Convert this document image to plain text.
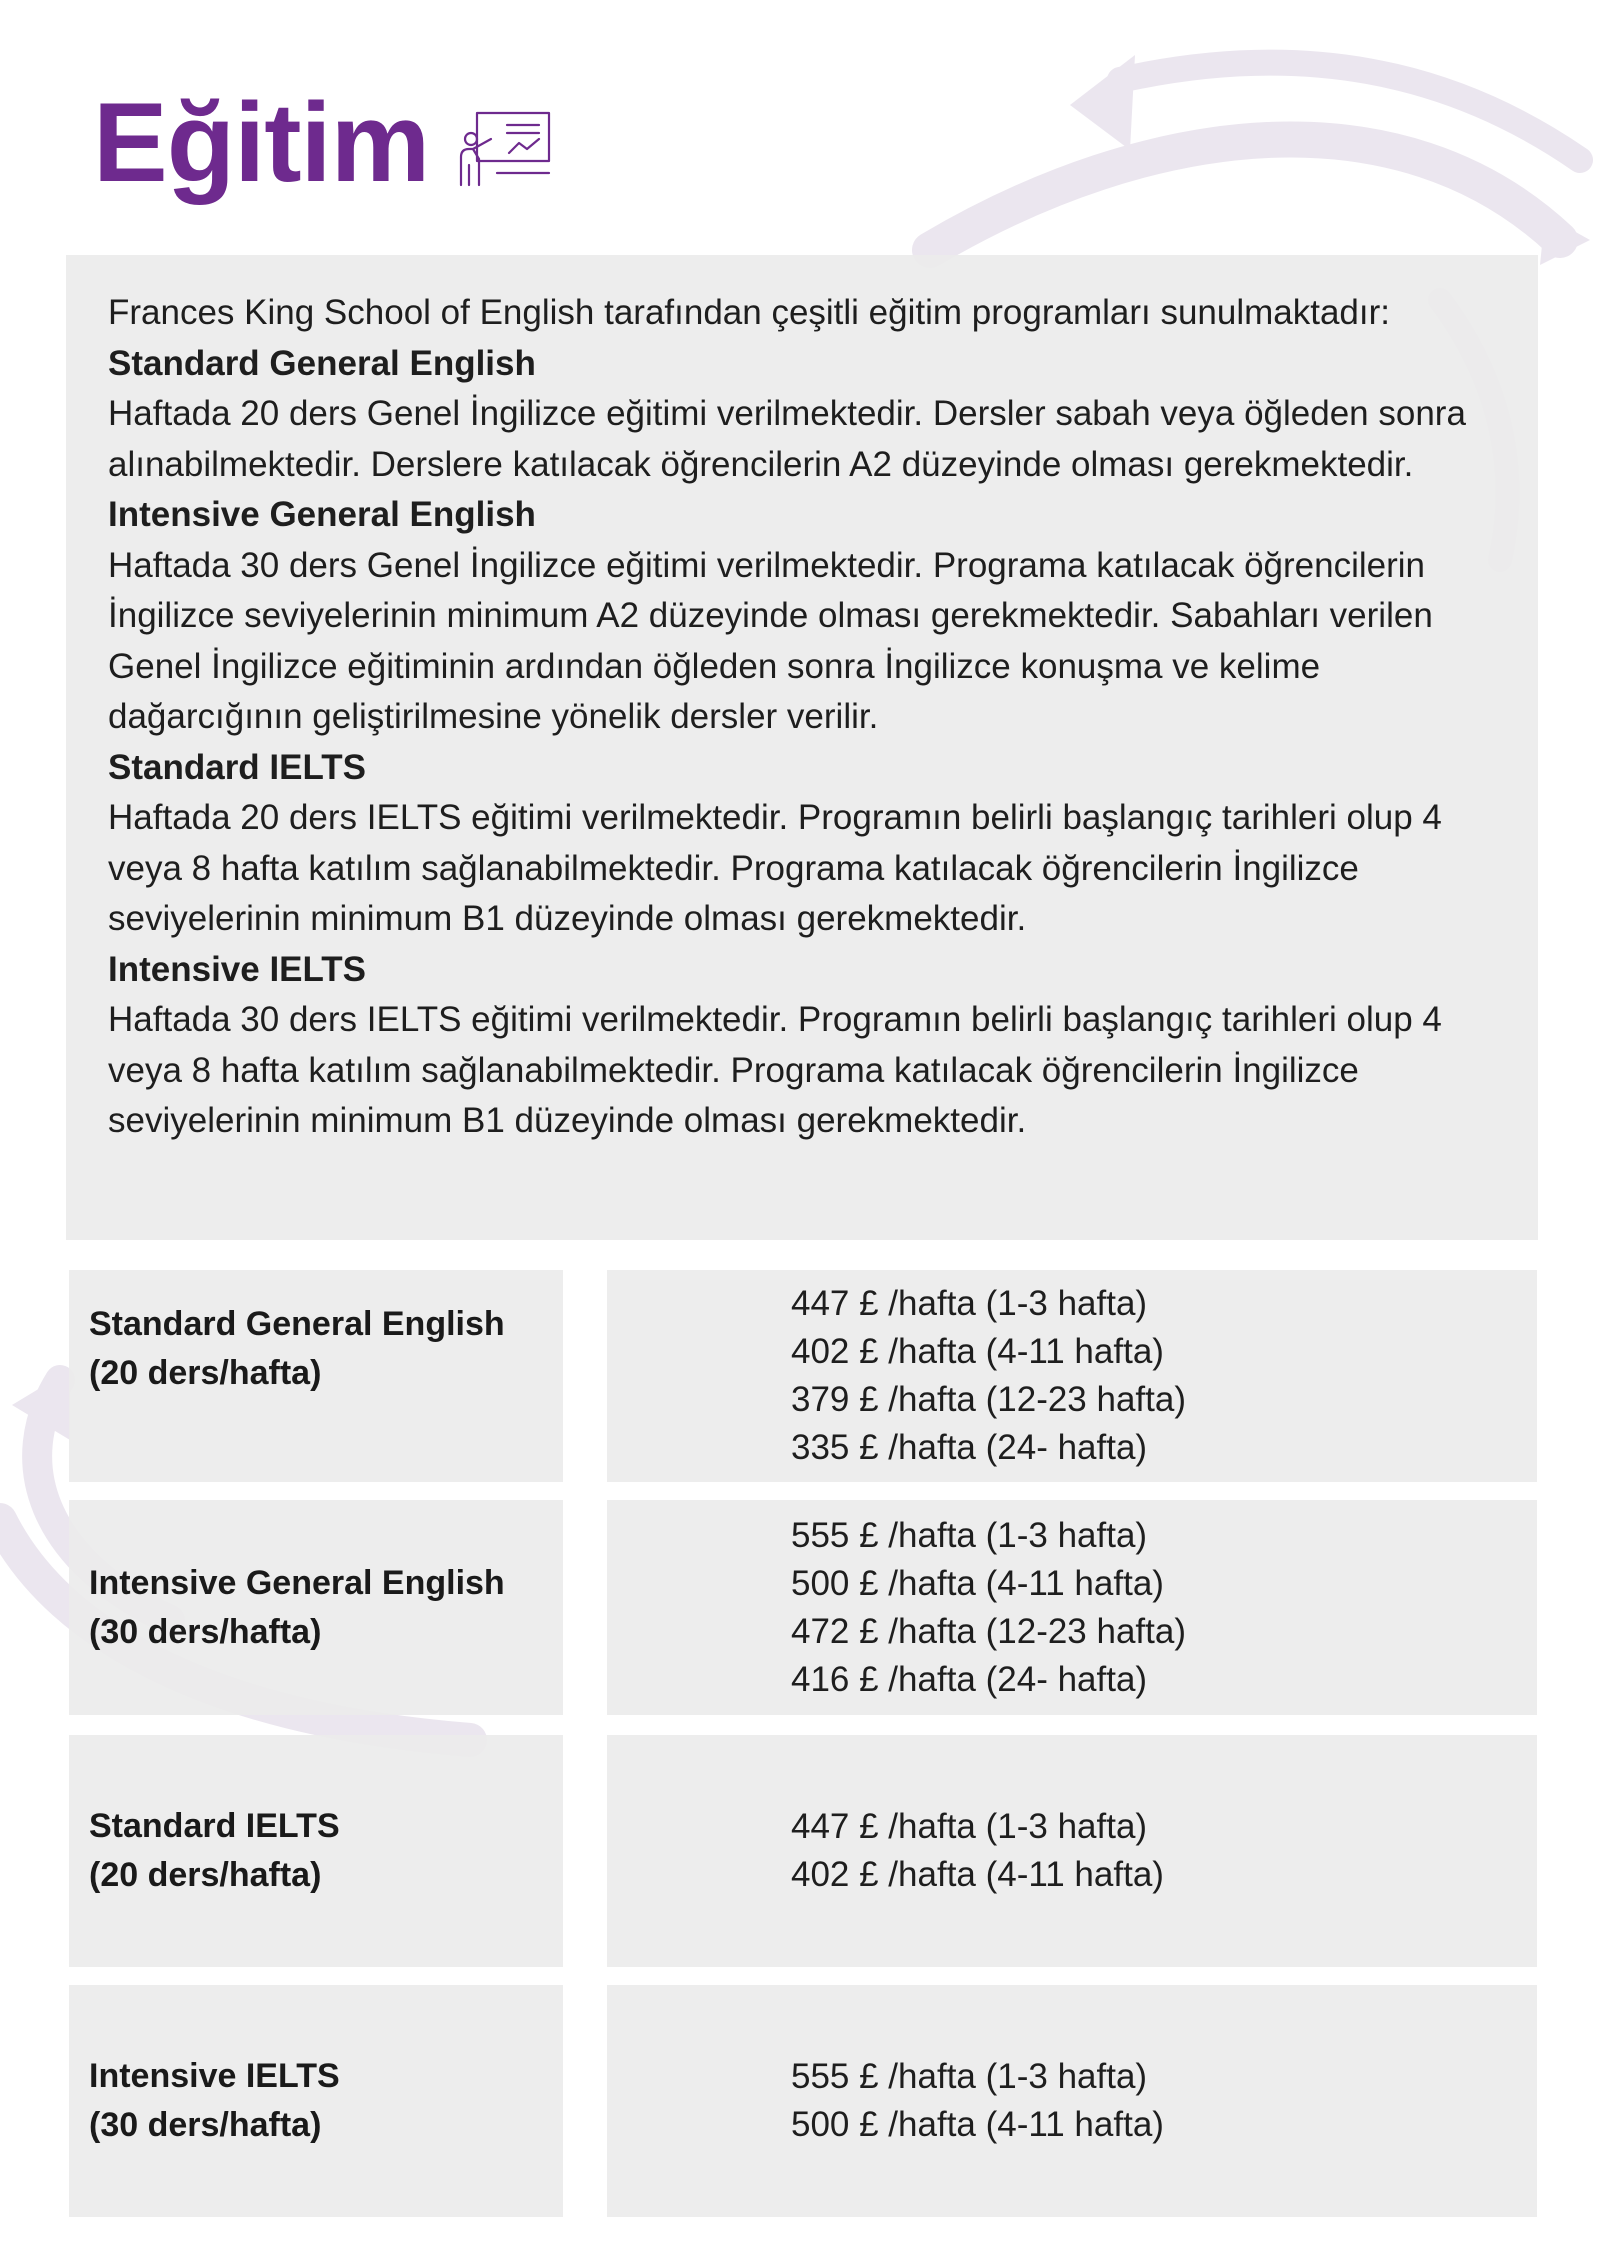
Eğitim

Frances King School of English tarafından çeşitli eğitim programları sunulmaktadır:

Standard General English

Haftada 20 ders Genel İngilizce eğitimi verilmektedir. Dersler sabah veya öğleden sonra alınabilmektedir. Derslere katılacak öğrencilerin A2 düzeyinde olması gerekmektedir.

Intensive General English

Haftada 30 ders Genel İngilizce eğitimi verilmektedir. Programa katılacak öğrencilerin İngilizce seviyelerinin minimum A2 düzeyinde olması gerekmektedir. Sabahları verilen Genel İngilizce eğitiminin ardından öğleden sonra İngilizce konuşma ve kelime dağarcığının geliştirilmesine yönelik dersler verilir.

Standard IELTS

Haftada 20 ders IELTS eğitimi verilmektedir. Programın belirli başlangıç tarihleri olup 4 veya 8 hafta katılım sağlanabilmektedir. Programa katılacak öğrencilerin İngilizce seviyelerinin minimum B1 düzeyinde olması gerekmektedir.

Intensive IELTS

Haftada 30 ders IELTS eğitimi verilmektedir. Programın belirli başlangıç tarihleri olup 4 veya 8 hafta katılım sağlanabilmektedir. Programa katılacak öğrencilerin İngilizce seviyelerinin minimum B1 düzeyinde olması gerekmektedir.

Standard General English
(20 ders/hafta)
447 £ /hafta (1-3 hafta)
402 £ /hafta (4-11 hafta)
379 £ /hafta (12-23 hafta)
335 £ /hafta (24- hafta)
Intensive General English
(30 ders/hafta)
555 £ /hafta (1-3 hafta)
500 £ /hafta (4-11 hafta)
472 £ /hafta (12-23 hafta)
416 £ /hafta (24- hafta)
Standard IELTS
(20 ders/hafta)
447 £ /hafta (1-3 hafta)
402 £ /hafta (4-11 hafta)
Intensive IELTS
(30 ders/hafta)
555 £ /hafta (1-3 hafta)
500 £ /hafta (4-11 hafta)
